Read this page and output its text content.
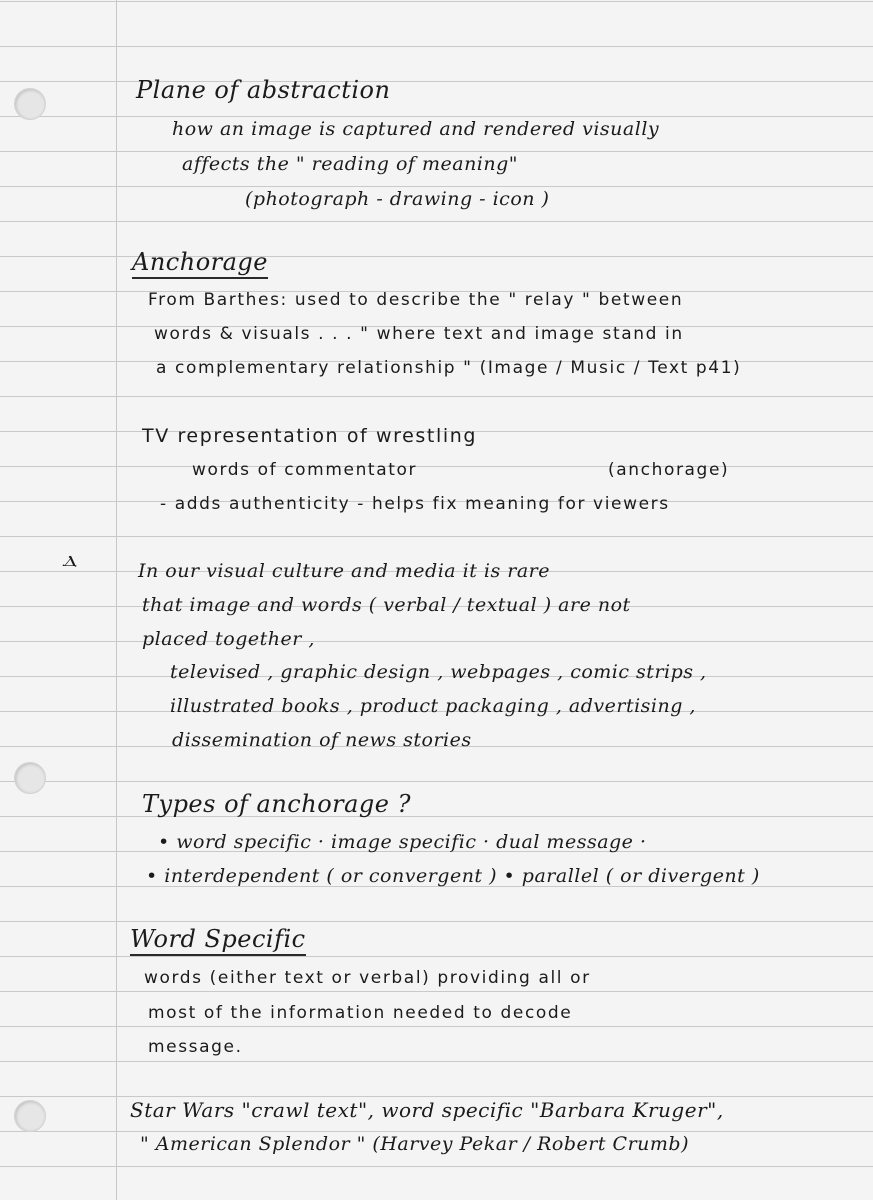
Plane of abstraction
how an image is captured and rendered visually
affects the " reading of meaning"
(photograph - drawing - icon )
Anchorage
From Barthes: used to describe the " relay " between
words & visuals . . . " where text and image stand in
a complementary relationship " (Image / Music / Text p41)
TV representation of wrestling
words of commentator	(anchorage)
- adds authenticity - helps fix meaning for viewers
ⲇ	In our visual culture and media it is rare
that image and words ( verbal / textual ) are not
placed together ,
televised , graphic design , webpages , comic strips ,
illustrated books , product packaging , advertising ,
dissemination of news stories
Types of anchorage ?
• word specific · image specific · dual message ·
• interdependent ( or convergent ) • parallel ( or divergent )
Word Specific
words (either text or verbal) providing all or
most of the information needed to decode
message.
Star Wars "crawl text", word specific "Barbara Kruger",
" American Splendor " (Harvey Pekar / Robert Crumb)
